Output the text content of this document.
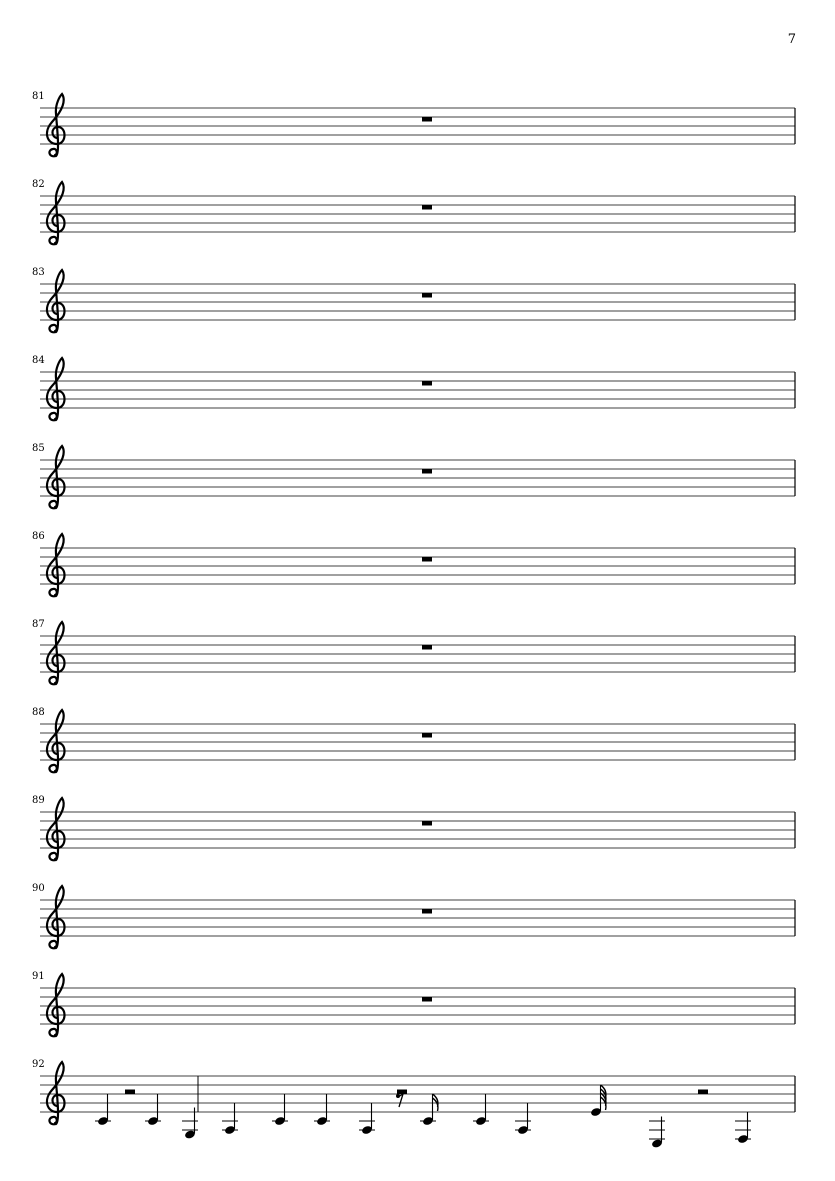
7
81
82
83
84
85
86
87
88
89
90
91
92
